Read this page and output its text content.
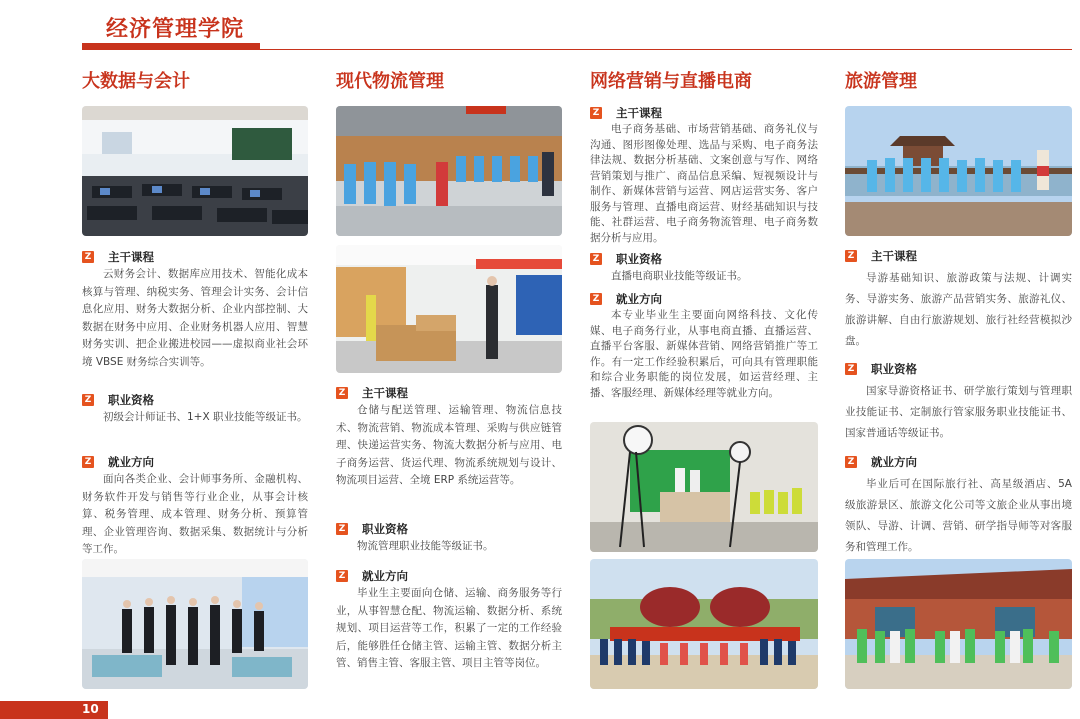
经济管理学院
大数据与会计
Z 主干课程

云财务会计、数据库应用技术、智能化成本核算与管理、纳税实务、管理会计实务、会计信息化应用、财务大数据分析、企业内部控制、大数据在财务中应用、企业财务机器人应用、智慧财务实训、把企业搬进校园——虚拟商业社会环境 VBSE 财务综合实训等。

Z 职业资格

初级会计师证书、1+X 职业技能等级证书。

Z 就业方向

面向各类企业、会计师事务所、金融机构、财务软件开发与销售等行业企业，从事会计核算、税务管理、成本管理、财务分析、预算管理、企业管理咨询、数据采集、数据统计与分析等工作。

现代物流管理
Z 主干课程

仓储与配送管理、运输管理、物流信息技术、物流营销、物流成本管理、采购与供应链管理、快递运营实务、物流大数据分析与应用、电子商务运营、货运代理、物流系统规划与设计、物流项目运营、全境 ERP 系统运营等。

Z 职业资格

物流管理职业技能等级证书。

Z 就业方向

毕业生主要面向仓储、运输、商务服务等行业，从事智慧仓配、物流运输、数据分析、系统规划、项目运营等工作，积累了一定的工作经验后，能够胜任仓储主管、运输主管、数据分析主管、销售主管、客服主管、项目主管等岗位。

网络营销与直播电商
Z 主干课程

电子商务基础、市场营销基础、商务礼仪与沟通、图形图像处理、选品与采购、电子商务法律法规、数据分析基础、文案创意与写作、网络营销策划与推广、商品信息采编、短视频设计与制作、新媒体营销与运营、网店运营实务、客户服务与管理、直播电商运营、财经基础知识与技能、社群运营、电子商务物流管理、电子商务数据分析与应用。

Z 职业资格

直播电商职业技能等级证书。

Z 就业方向

本专业毕业生主要面向网络科技、文化传媒、电子商务行业，从事电商直播、直播运营、直播平台客服、新媒体营销、网络营销推广等工作。有一定工作经验积累后，可向具有管理职能和综合业务职能的岗位发展，如运营经理、主播、客服经理、新媒体经理等就业方向。

旅游管理
Z 主干课程

导游基础知识、旅游政策与法规、计调实务、导游实务、旅游产品营销实务、旅游礼仪、旅游讲解、自由行旅游规划、旅行社经营模拟沙盘。

Z 职业资格

国家导游资格证书、研学旅行策划与管理职业技能证书、定制旅行管家服务职业技能证书、国家普通话等级证书。

Z 就业方向

毕业后可在国际旅行社、高星级酒店、5A 级旅游景区、旅游文化公司等文旅企业从事出境领队、导游、计调、营销、研学指导师等对客服务和管理工作。

10
